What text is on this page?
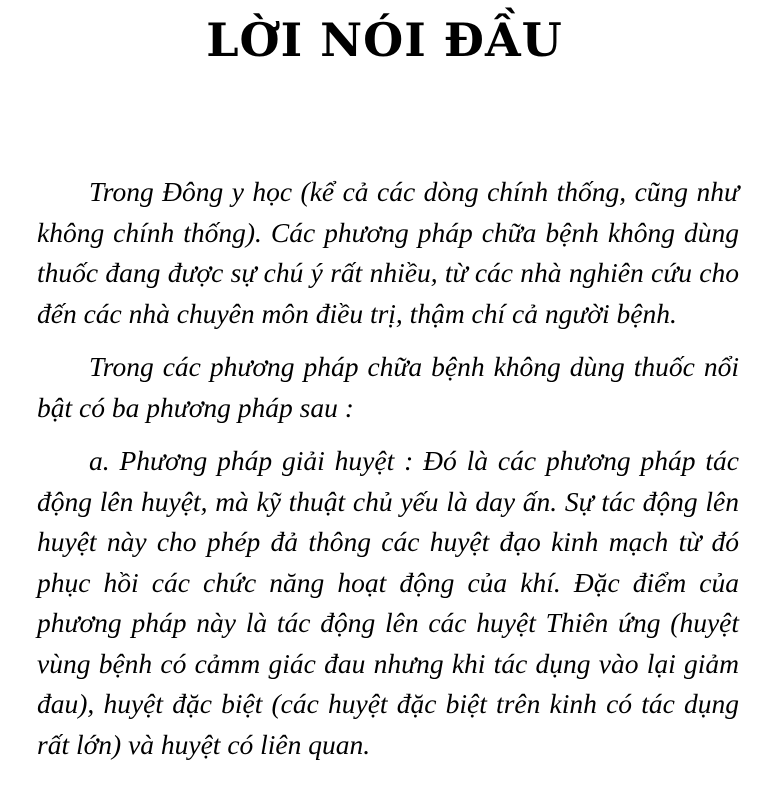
LỜI NÓI ĐẦU

Trong Đông y học (kể cả các dòng chính thống, cũng như không chính thống). Các phương pháp chữa bệnh không dùng thuốc đang được sự chú ý rất nhiều, từ các nhà nghiên cứu cho đến các nhà chuyên môn điều trị, thậm chí cả người bệnh.

Trong các phương pháp chữa bệnh không dùng thuốc nổi bật có ba phương pháp sau :

a. Phương pháp giải huyệt : Đó là các phương pháp tác động lên huyệt, mà kỹ thuật chủ yếu là day ấn. Sự tác động lên huyệt này cho phép đả thông các huyệt đạo kinh mạch từ đó phục hồi các chức năng hoạt động của khí. Đặc điểm của phương pháp này là tác động lên các huyệt Thiên ứng (huyệt vùng bệnh có cảmm giác đau nhưng khi tác dụng vào lại giảm đau), huyệt đặc biệt (các huyệt đặc biệt trên kinh có tác dụng rất lớn) và huyệt có liên quan.
